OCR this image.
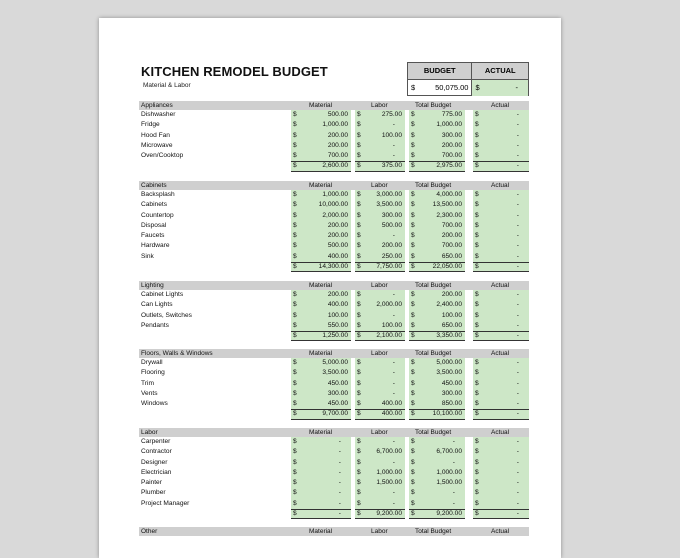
KITCHEN REMODEL BUDGET
Material & Labor
BUDGET	ACTUAL
$	50,075.00 $	-
Appliances	Material	Labor	Total Budget	Actual
Dishwasher	$	500.00 $	275.00 $	775.00 $	-
Fridge	$	1,000.00 $	- $	1,000.00 $	-
Hood Fan	$	200.00 $	100.00 $	300.00 $	-
Microwave	$	200.00 $	- $	200.00 $	-
Oven/Cooktop	$	700.00 $	- $	700.00 $	-
$	2,600.00 $	375.00 $	2,975.00 $	-
Cabinets	Material	Labor	Total Budget	Actual
Backsplash	$	1,000.00 $ 3,000.00 $	4,000.00 $	-
Cabinets	$	10,000.00 $ 3,500.00 $	13,500.00 $	-
Countertop	$	2,000.00 $	300.00 $	2,300.00 $	-
Disposal	$	200.00 $	500.00 $	700.00 $	-
Faucets	$	200.00 $	- $	200.00 $	-
Hardware	$	500.00 $	200.00 $	700.00 $	-
Sink	$	400.00 $	250.00 $	650.00 $	-
$	14,300.00 $ 7,750.00 $	22,050.00 $	-
Lighting	Material	Labor	Total Budget	Actual
Cabinet Lights	$	200.00 $	- $	200.00 $	-
Can Lights	$	400.00 $ 2,000.00 $	2,400.00 $	-
Outlets, Switches	$	100.00 $	- $	100.00 $	-
Pendants	$	550.00 $	100.00 $	650.00 $	-
$	1,250.00 $ 2,100.00 $	3,350.00 $	-
Floors, Walls & Windows	Material	Labor	Total Budget	Actual
Drywall	$	5,000.00 $	- $	5,000.00 $	-
Flooring	$	3,500.00 $	- $	3,500.00 $	-
Trim	$	450.00 $	- $	450.00 $	-
Vents	$	300.00 $	- $	300.00 $	-
Windows	$	450.00 $	400.00 $	850.00 $	-
$	9,700.00 $	400.00 $	10,100.00 $	-
Labor	Material	Labor	Total Budget	Actual
Carpenter	$	- $	- $	-	$	-
Contractor	$	- $ 6,700.00 $	6,700.00 $	-
Designer	$	- $	- $	-	$	-
Electrician	$	- $ 1,000.00 $	1,000.00 $	-
Painter	$	- $ 1,500.00 $	1,500.00 $	-
Plumber	$	- $	- $	-	$	-
Project Manager	$	- $	- $	-	$	-
$	- $ 9,200.00 $	9,200.00 $	-
Other	Material	Labor	Total Budget	Actual
